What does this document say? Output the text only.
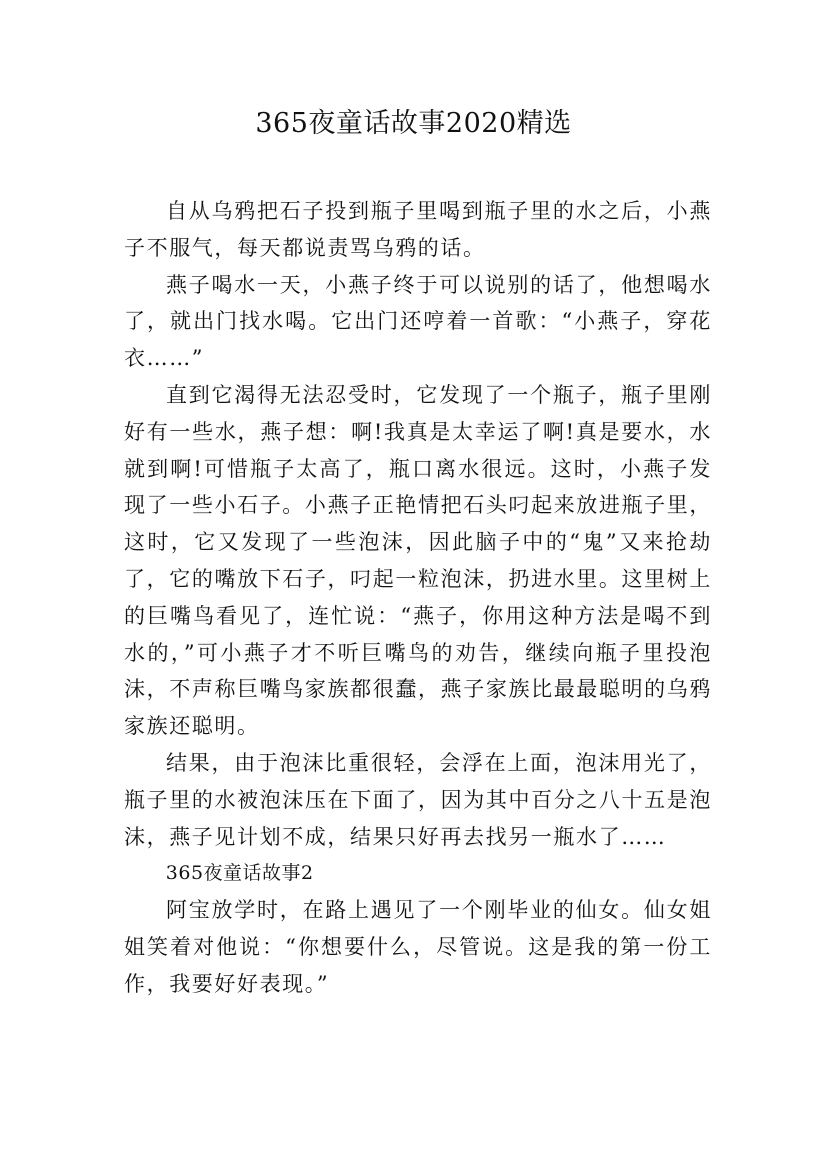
365夜童话故事2020精选

自从乌鸦把石子投到瓶子里喝到瓶子里的水之后，小燕子不服气，每天都说责骂乌鸦的话。

燕子喝水一天，小燕子终于可以说别的话了，他想喝水了，就出门找水喝。它出门还哼着一首歌：“小燕子，穿花衣……”

直到它渴得无法忍受时，它发现了一个瓶子，瓶子里刚好有一些水，燕子想：啊!我真是太幸运了啊!真是要水，水就到啊!可惜瓶子太高了，瓶口离水很远。这时，小燕子发现了一些小石子。小燕子正艳情把石头叼起来放进瓶子里，这时，它又发现了一些泡沫，因此脑子中的“鬼”又来抢劫了，它的嘴放下石子，叼起一粒泡沫，扔进水里。这里树上的巨嘴鸟看见了，连忙说：“燕子，你用这种方法是喝不到水的，”可小燕子才不听巨嘴鸟的劝告，继续向瓶子里投泡沫，不声称巨嘴鸟家族都很蠢，燕子家族比最最聪明的乌鸦家族还聪明。

结果，由于泡沫比重很轻，会浮在上面，泡沫用光了，瓶子里的水被泡沫压在下面了，因为其中百分之八十五是泡沫，燕子见计划不成，结果只好再去找另一瓶水了……

365夜童话故事2

阿宝放学时，在路上遇见了一个刚毕业的仙女。仙女姐姐笑着对他说：“你想要什么，尽管说。这是我的第一份工作，我要好好表现。”
